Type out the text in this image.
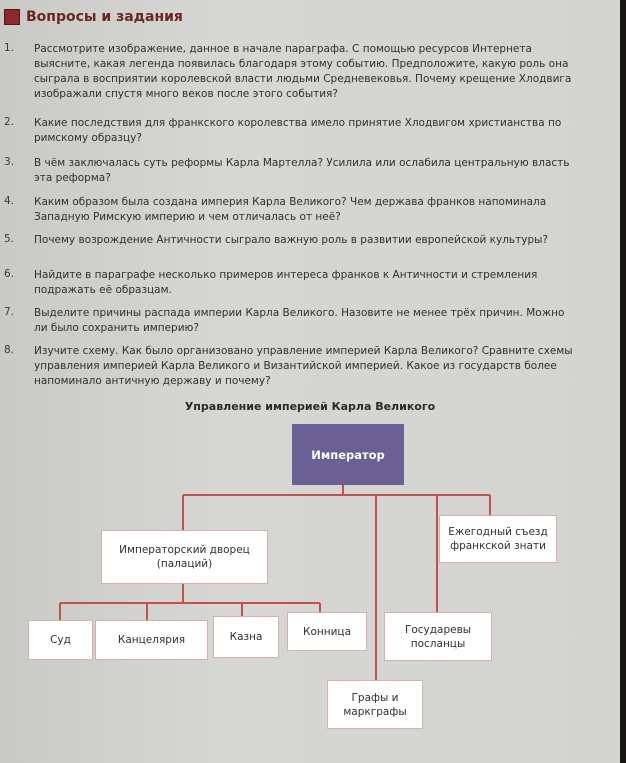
Вопросы и задания
1.	Рассмотрите изображение, данное в начале параграфа. С помощью ресурсов Интернета выясните, какая легенда появилась благодаря этому событию. Предположите, какую роль она сыграла в восприятии королевской власти людьми Средневековья. Почему крещение Хлодвига изображали спустя много веков после этого события?
2.	Какие последствия для франкского королевства имело принятие Хлодвигом христианства по римскому образцу?
3.	В чём заключалась суть реформы Карла Мартелла? Усилила или ослабила центральную власть эта реформа?
4.	Каким образом была создана империя Карла Великого? Чем держава франков напоминала Западную Римскую империю и чем отличалась от неё?
5.	Почему возрождение Античности сыграло важную роль в развитии европейской культуры?
6.	Найдите в параграфе несколько примеров интереса франков к Античности и стремления подражать её образцам.
7.	Выделите причины распада империи Карла Великого. Назовите не менее трёх причин. Можно ли было сохранить империю?
8.	Изучите схему. Как было организовано управление империей Карла Великого? Сравните схемы управления империей Карла Великого и Византийской империей. Какое из государств более напоминало античную державу и почему?
Управление империей Карла Великого
Император
Императорский дворец (палаций)
Ежегодный съезд франкской знати
Суд	Канцелярия	Казна	Конница	Государевы посланцы
Графы и маркграфы
